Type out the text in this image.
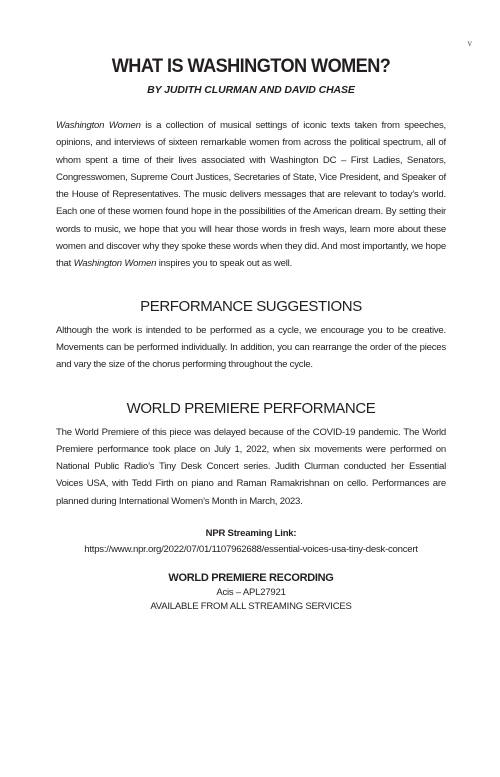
v
WHAT IS WASHINGTON WOMEN?
BY JUDITH CLURMAN AND DAVID CHASE

Washington Women is a collection of musical settings of iconic texts taken from speeches, opinions, and interviews of sixteen remarkable women from across the political spectrum, all of whom spent a time of their lives associated with Washington DC – First Ladies, Senators, Congresswomen, Supreme Court Justices, Secretaries of State, Vice President, and Speaker of the House of Representatives. The music delivers messages that are relevant to today’s world. Each one of these women found hope in the possibilities of the American dream. By setting their words to music, we hope that you will hear those words in fresh ways, learn more about these women and discover why they spoke these words when they did. And most importantly, we hope that Washington Women inspires you to speak out as well.

PERFORMANCE SUGGESTIONS

Although the work is intended to be performed as a cycle, we encourage you to be creative. Movements can be performed individually. In addition, you can rearrange the order of the pieces and vary the size of the chorus performing throughout the cycle.

WORLD PREMIERE PERFORMANCE

The World Premiere of this piece was delayed because of the COVID-19 pandemic. The World Premiere performance took place on July 1, 2022, when six movements were performed on National Public Radio’s Tiny Desk Concert series. Judith Clurman conducted her Essential Voices USA, with Tedd Firth on piano and Raman Ramakrishnan on cello. Performances are planned during International Women’s Month in March, 2023.

NPR Streaming Link:
https://www.npr.org/2022/07/01/1107962688/essential-voices-usa-tiny-desk-concert
WORLD PREMIERE RECORDING
Acis – APL27921
AVAILABLE FROM ALL STREAMING SERVICES
